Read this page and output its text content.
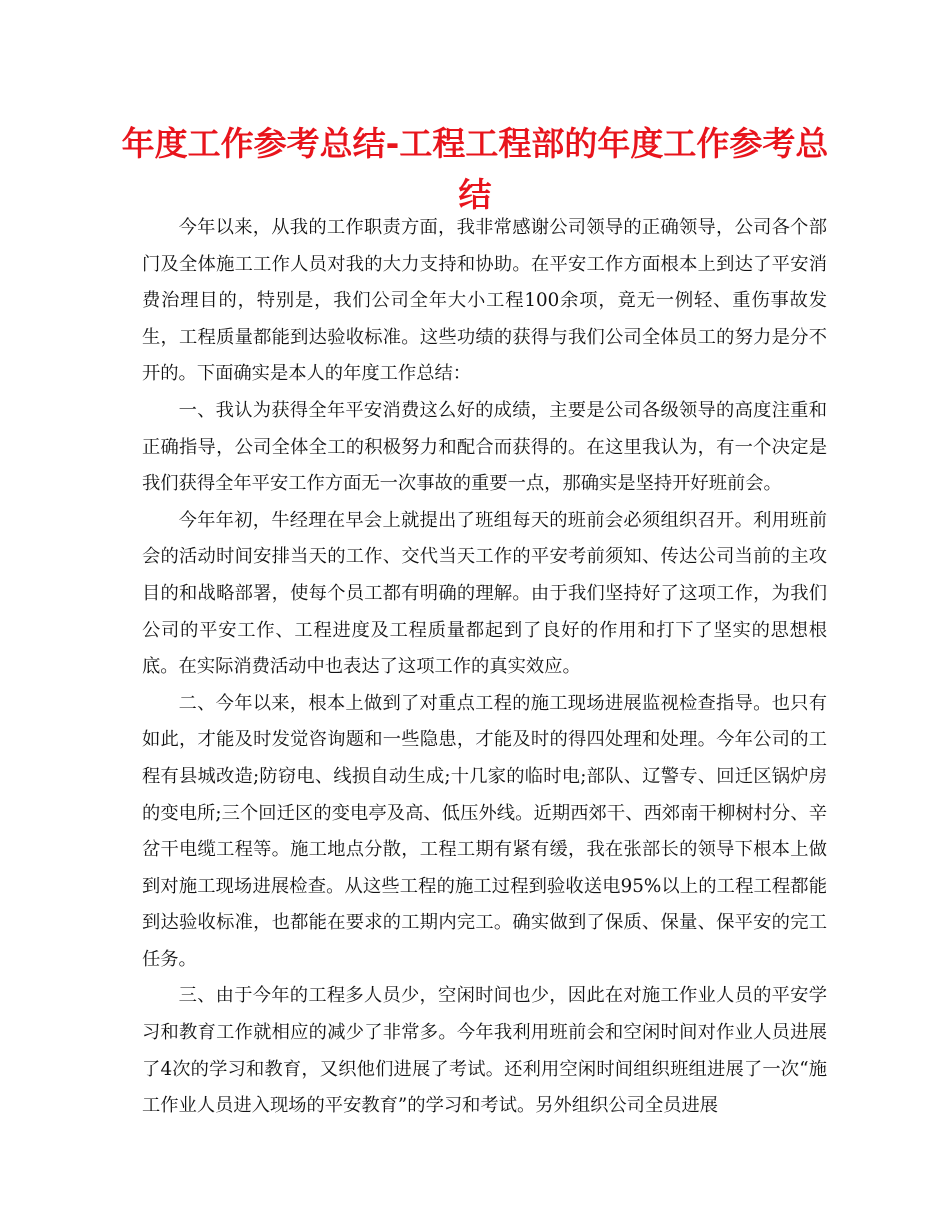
年度工作参考总结-工程工程部的年度工作参考总结

今年以来，从我的工作职责方面，我非常感谢公司领导的正确领导，公司各个部门及全体施工工作人员对我的大力支持和协助。在平安工作方面根本上到达了平安消费治理目的，特别是，我们公司全年大小工程100余项，竟无一例轻、重伤事故发生，工程质量都能到达验收标准。这些功绩的获得与我们公司全体员工的努力是分不开的。下面确实是本人的年度工作总结：

一、我认为获得全年平安消费这么好的成绩，主要是公司各级领导的高度注重和正确指导，公司全体全工的积极努力和配合而获得的。在这里我认为，有一个决定是我们获得全年平安工作方面无一次事故的重要一点，那确实是坚持开好班前会。

今年年初，牛经理在早会上就提出了班组每天的班前会必须组织召开。利用班前会的活动时间安排当天的工作、交代当天工作的平安考前须知、传达公司当前的主攻目的和战略部署，使每个员工都有明确的理解。由于我们坚持好了这项工作，为我们公司的平安工作、工程进度及工程质量都起到了良好的作用和打下了坚实的思想根底。在实际消费活动中也表达了这项工作的真实效应。

二、今年以来，根本上做到了对重点工程的施工现场进展监视检查指导。也只有如此，才能及时发觉咨询题和一些隐患，才能及时的得四处理和处理。今年公司的工程有县城改造;防窃电、线损自动生成;十几家的临时电;部队、辽警专、回迁区锅炉房的变电所;三个回迁区的变电亭及高、低压外线。近期西郊干、西郊南干柳树村分、辛岔干电缆工程等。施工地点分散，工程工期有紧有缓，我在张部长的领导下根本上做到对施工现场进展检查。从这些工程的施工过程到验收送电95%以上的工程工程都能到达验收标准，也都能在要求的工期内完工。确实做到了保质、保量、保平安的完工任务。

三、由于今年的工程多人员少，空闲时间也少，因此在对施工作业人员的平安学习和教育工作就相应的减少了非常多。今年我利用班前会和空闲时间对作业人员进展了4次的学习和教育，又织他们进展了考试。还利用空闲时间组织班组进展了一次“施工作业人员进入现场的平安教育”的学习和考试。另外组织公司全员进展
